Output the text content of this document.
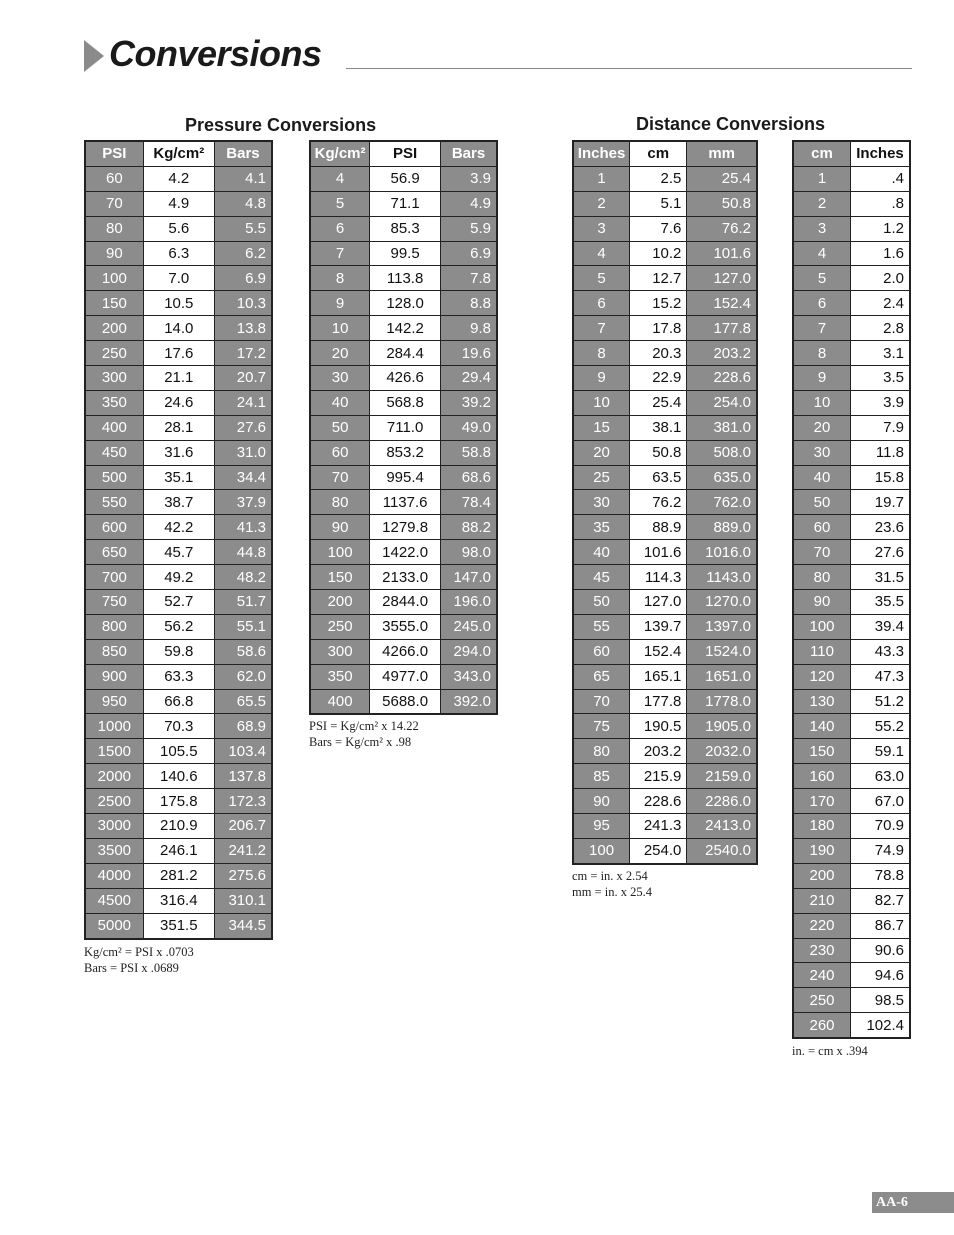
Conversions
Pressure Conversions	Distance Conversions
PSI	Kg/cm²	Bars
60	4.2	4.1
70	4.9	4.8
80	5.6	5.5
90	6.3	6.2
100	7.0	6.9
150	10.5	10.3
200	14.0	13.8
250	17.6	17.2
300	21.1	20.7
350	24.6	24.1
400	28.1	27.6
450	31.6	31.0
500	35.1	34.4
550	38.7	37.9
600	42.2	41.3
650	45.7	44.8
700	49.2	48.2
750	52.7	51.7
800	56.2	55.1
850	59.8	58.6
900	63.3	62.0
950	66.8	65.5
1000	70.3	68.9
1500	105.5	103.4
2000	140.6	137.8
2500	175.8	172.3
3000	210.9	206.7
3500	246.1	241.2
4000	281.2	275.6
4500	316.4	310.1
5000	351.5	344.5
Kg/cm² = PSI x .0703
Bars = PSI x .0689
Kg/cm²	PSI	Bars
4	56.9	3.9
5	71.1	4.9
6	85.3	5.9
7	99.5	6.9
8	113.8	7.8
9	128.0	8.8
10	142.2	9.8
20	284.4	19.6
30	426.6	29.4
40	568.8	39.2
50	711.0	49.0
60	853.2	58.8
70	995.4	68.6
80	1137.6	78.4
90	1279.8	88.2
100	1422.0	98.0
150	2133.0	147.0
200	2844.0	196.0
250	3555.0	245.0
300	4266.0	294.0
350	4977.0	343.0
400	5688.0	392.0
PSI = Kg/cm² x 14.22
Bars = Kg/cm² x .98
Inches	cm	mm
1	2.5	25.4
2	5.1	50.8
3	7.6	76.2
4	10.2	101.6
5	12.7	127.0
6	15.2	152.4
7	17.8	177.8
8	20.3	203.2
9	22.9	228.6
10	25.4	254.0
15	38.1	381.0
20	50.8	508.0
25	63.5	635.0
30	76.2	762.0
35	88.9	889.0
40	101.6	1016.0
45	114.3	1143.0
50	127.0	1270.0
55	139.7	1397.0
60	152.4	1524.0
65	165.1	1651.0
70	177.8	1778.0
75	190.5	1905.0
80	203.2	2032.0
85	215.9	2159.0
90	228.6	2286.0
95	241.3	2413.0
100	254.0	2540.0
cm = in. x 2.54
mm = in. x 25.4
cm	Inches
1	.4
2	.8
3	1.2
4	1.6
5	2.0
6	2.4
7	2.8
8	3.1
9	3.5
10	3.9
20	7.9
30	11.8
40	15.8
50	19.7
60	23.6
70	27.6
80	31.5
90	35.5
100	39.4
110	43.3
120	47.3
130	51.2
140	55.2
150	59.1
160	63.0
170	67.0
180	70.9
190	74.9
200	78.8
210	82.7
220	86.7
230	90.6
240	94.6
250	98.5
260	102.4
in. = cm x .394
AA-6
